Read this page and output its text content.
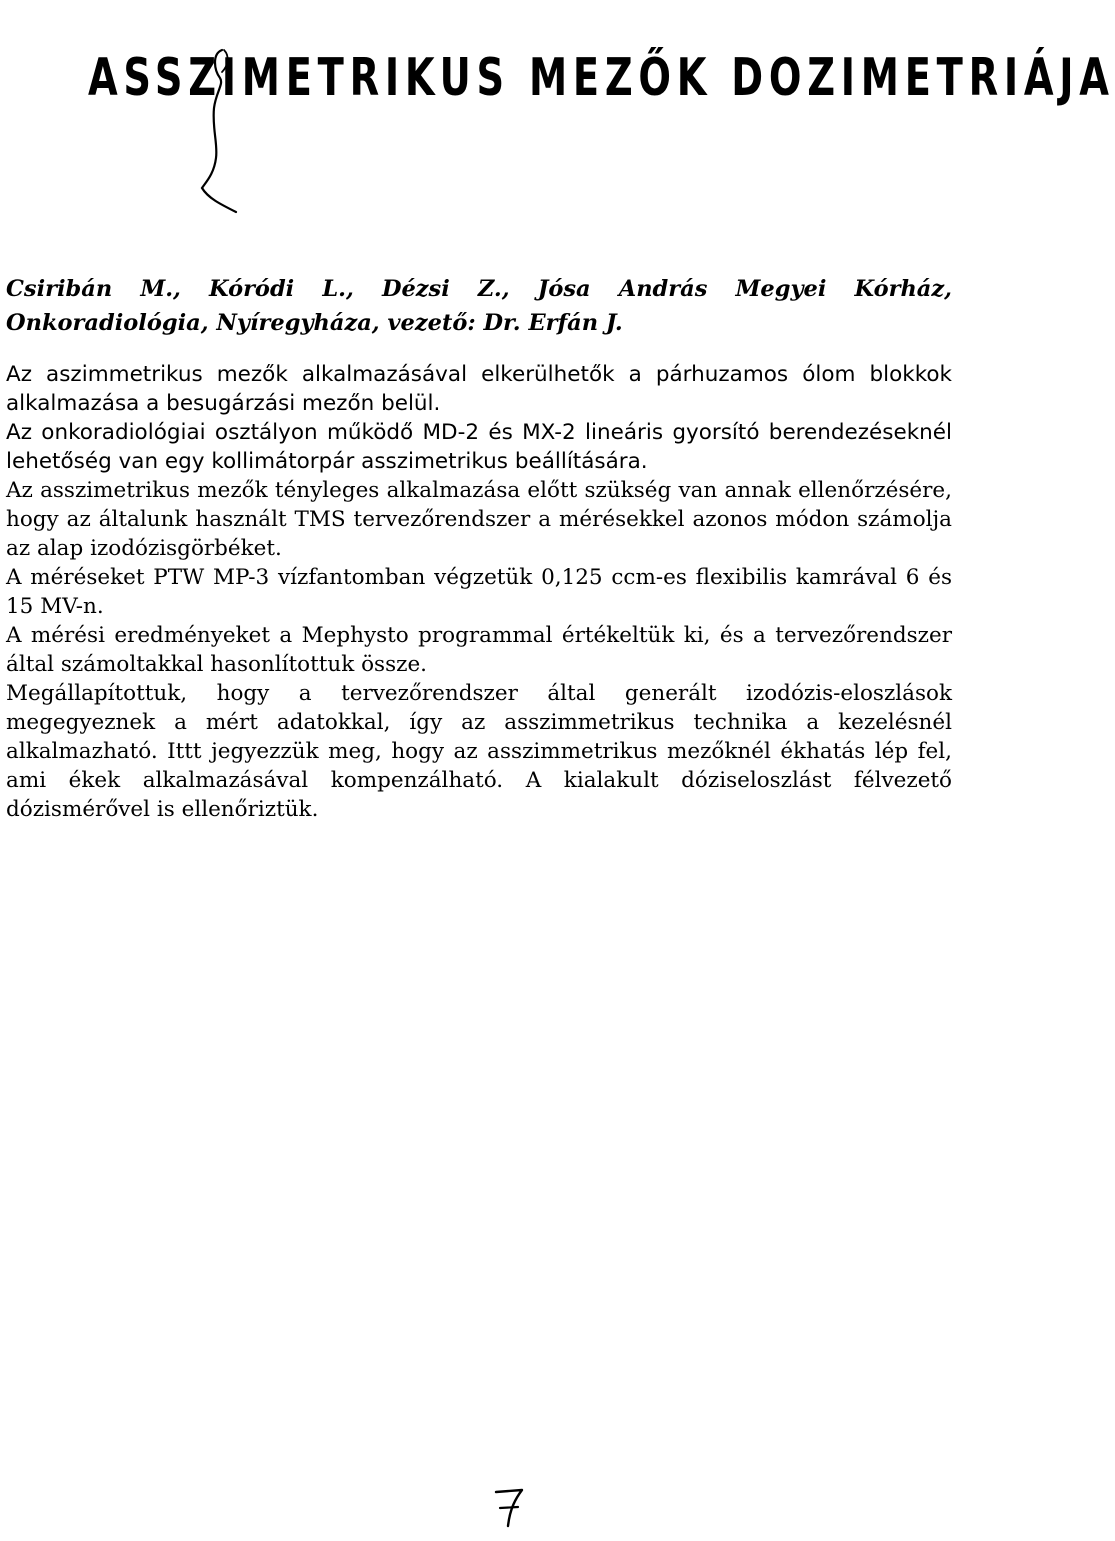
ASSZIMETRIKUS MEZŐK DOZIMETRIÁJA

Csiribán M., Kóródi L., Dézsi Z., Jósa András Megyei Kórház, Onkoradiológia, Nyíregyháza, vezető: Dr. Erfán J.

Az aszimmetrikus mezők alkalmazásával elkerülhetők a párhuzamos ólom blokkok alkalmazása a besugárzási mezőn belül.

Az onkoradiológiai osztályon működő MD-2 és MX-2 lineáris gyorsító berendezéseknél lehetőség van egy kollimátorpár asszimetrikus beállítására.

Az asszimetrikus mezők tényleges alkalmazása előtt szükség van annak ellenőrzésére, hogy az általunk használt TMS tervezőrendszer a mérésekkel azonos módon számolja az alap izodózisgörbéket.

A méréseket PTW MP-3 vízfantomban végzetük 0,125 ccm-es flexibilis kamrával 6 és 15 MV-n.

A mérési eredményeket a Mephysto programmal értékeltük ki, és a tervezőrendszer által számoltakkal hasonlítottuk össze.

Megállapítottuk, hogy a tervezőrendszer által generált izodózis-eloszlások megegyeznek a mért adatokkal, így az asszimmetrikus technika a kezelésnél alkalmazható. Ittt jegyezzük meg, hogy az asszimmetrikus mezőknél ékhatás lép fel, ami ékek alkalmazásával kompenzálható. A kialakult dóziseloszlást félvezető dózismérővel is ellenőriztük.

7
